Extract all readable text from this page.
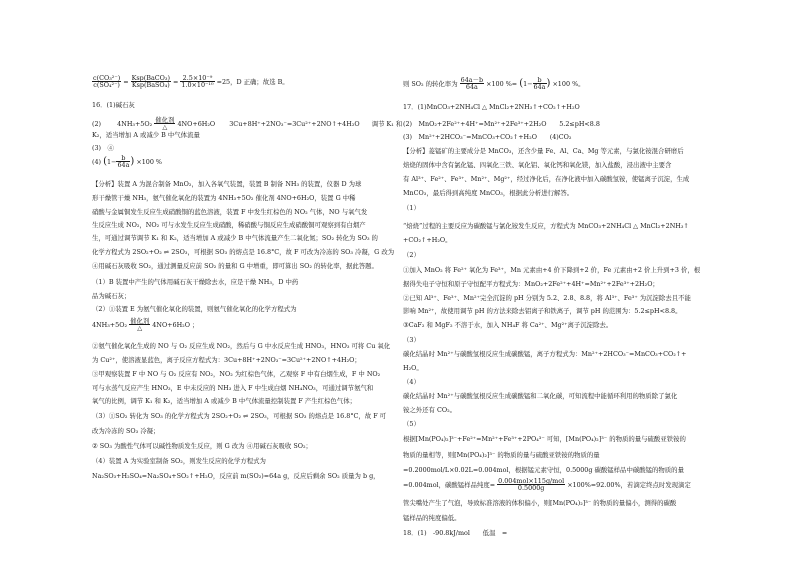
$\frac{\text{c(CO₃²⁻)}}{\text{c(SO₄²⁻)}} = \frac{\text{Ksp(BaCO₃)}}{\text{Ksp(BaSO₄)}} = \frac{\text{2.5×10⁻⁹}}{\text{1.0×10⁻¹⁰}} =25$，D 正确；故选 B。
16．(1)碱石灰
(2)	$4NH_3+5O_2 \frac{\text{催化剂}}{\triangle} 4NO+6H_2O$ 3Cu+8H⁺+2NO₃⁻=3Cu²⁺+2NO↑+4H₂O 调节 K₁ 和
K₂，适当增加 A 或减少 B 中气体流量
(3)　④
(4) ($1- \frac{b}{64a}$ ) ×100 %
【分析】装置 A 为混合制备 MnO₂，加入各氧气装置，装置 B 制备 NH₃ 的装置，仪器 D 为球
形干燥管干燥 NH₃，氨气催化氧化的装置为 4NH₃+5O₂ 催化剂 4NO+6H₂O，装置 G 中稀
硝酸与金属铜发生反应生成硝酸铜的蓝色溶液，装置 F 中发生红棕色的 NO₂ 气体，NO 与氧气发
生反应生成 NO₂，NO₂ 可与水发生反应生成硝酸，稀硝酸与铜反应生成硝酸铜可观察到有白烟产
生，可通过调节调节 K₁ 和 K₂，适当增加 A 或减少 B 中气体流量产生二氧化氮；SO₂ 转化为 SO₃ 的
化学方程式为 2SO₂+O₂ ⇌ 2SO₃，可根据 SO₃ 的熔点是 16.8°C，故 F 可改为冷冻的 SO₃ 冷凝，G 改为
④用碱石灰吸收 SO₂，通过测量反应前 SO₂ 的量和 G 中增重，即可算出 SO₂ 的转化率，据此答题。
（1）B 装置中产生的气体用碱石灰干燥除去水，应是干燥 NH₃，D 中药
品为碱石灰；
（2）①装置 E 为氨气催化氧化的装置，则氨气催化氧化的化学方程式为
$4NH_3+5O_2 \frac{\text{催化剂}}{\triangle} 4NO+6H_2O$ ；
②氨气催化氧化生成的 NO 与 O₂ 反应生成 NO₂，然后与 G 中水反应生成 HNO₃，HNO₃ 可将 Cu 氧化
为 Cu²⁺，使溶液显蓝色，离子反应方程式为：3Cu+8H⁺+2NO₃⁻=3Cu²⁺+2NO↑+4H₂O；
③甲观察装置 F 中 NO 与 O₂ 反应有 NO₂，NO₂ 为红棕色气体，乙观察 F 中有白烟生成，F 中 NO₂
可与水蒸气反应产生 HNO₃，E 中未反应的 NH₃ 进入 F 中生成白烟 NH₄NO₃，可通过调节氨气和
氧气的比例，调节 K₁ 和 K₂，适当增加 A 或减少 B 中气体流量控制装置 F 产生红棕色气体；
（3）①SO₂ 转化为 SO₃ 的化学方程式为 2SO₂+O₂ ⇌ 2SO₃，可根据 SO₃ 的熔点是 16.8°C，故 F 可
改为冷冻的 SO₃ 冷凝；
② SO₃ 为酸性气体可以碱性物质发生反应，则 G 改为 ④用碱石灰吸收 SO₂；
（4）装置 A 为实验室制备 SO₂，则发生反应的化学方程式为
Na₂SO₃+H₂SO₄=Na₂SO₄+SO₂↑+H₂O，反应前 m(SO₂)=64a g，反应后剩余 SO₂ 质量为 b g，
则 SO₂ 的转化率为 $\frac{64a-b}{64a} \times 100$ %= ($1- \frac{b}{64a}$ ) ×100 %。
17．(1)MnCO₃+2NH₄Cl △ MnCl₂+2NH₃↑+CO₂↑+H₂O
(2)　MnO₂+2Fe²⁺+4H⁺=Mn²⁺+2Fe³⁺+2H₂O　　5.2≤pH<8.8
(3)　Mn²⁺+2HCO₃⁻=MnCO₃+CO₂↑+H₂O　　(4)CO₂
【分析】菱锰矿的主要成分是 MnCO₃，还含少量 Fe、Al、Ca、Mg 等元素，与氯化铵混合研磨后
焙烧的固体中含有氯化锰、四氧化三铁、氧化铝、氧化钙和氧化镁，加入盐酸，浸出液中主要含
有 Al³⁺、Fe²⁺、Fe³⁺、Mn²⁺、Mg²⁺，经过净化后，在净化液中加入碳酸氢铵，使锰离子沉淀，生成
MnCO₃，最后得到高纯度 MnCO₃，根据此分析进行解答。
（1）
“焙烧”过程的主要反应为碳酸锰与氯化铵发生反应，方程式为 MnCO₃+2NH₄Cl △ MnCl₂+2NH₃↑
+CO₂↑+H₂O。
（2）
①加入 MnO₂ 将 Fe²⁺ 氧化为 Fe³⁺，Mn 元素由+4 价下降到+2 价，Fe 元素由+2 价上升到+3 价，根
据得失电子守恒和原子守恒配平方程式为：MnO₂+2Fe²⁺+4H⁺=Mn²⁺+2Fe³⁺+2H₂O；
②已知 Al³⁺、Fe³⁺、Mn²⁺完全沉淀的 pH 分别为 5.2、2.8、8.8，将 Al³⁺、Fe³⁺ 为沉淀除去且不能
影响 Mn²⁺，故使用调节 pH 的方法来除去铝离子和铁离子，调节 pH 的范围为：5.2≤pH<8.8。
③CaF₂ 和 MgF₂ 不溶于水，加入 NH₄F 将 Ca²⁺、Mg²⁺离子沉淀除去。
（3）
碳化结晶时 Mn²⁺与碳酸氢根反应生成碳酸锰，离子方程式为：Mn²⁺+2HCO₃⁻=MnCO₃+CO₂↑+
H₂O。
（4）
碳化结晶时 Mn²⁺与碳酸氢根反应生成碳酸锰和二氧化碳，可知流程中能循环利用的物质除了氯化
铵之外还有 CO₂。
（5）
根据[Mn(PO₄)₂]³⁻+Fe²⁺=Mn²⁺+Fe³⁺+2PO₄³⁻ 可知，[Mn(PO₄)₂]³⁻ 的物质的量与硫酸亚铁铵的
物质的量相等，则[Mn(PO₄)₂]³⁻ 的物质的量与硫酸亚铁铵的物质的量
=0.2000mol/L×0.02L=0.004mol，根据锰元素守恒，0.5000g 碳酸锰样品中碳酸锰的物质的量
=0.004mol，碳酸锰样品纯度= $\frac{\text{0.004mol×115g/mol}}{0.5000g} \times 100\%=92.00\%$，若滴定终点时发现滴定
管尖嘴处产生了气泡，导致标准溶液的体积偏小，则[Mn(PO₄)₂]³⁻ 的物质的量偏小，测得的碳酸
锰样品的纯度偏低。
18．(1)　-90.8kJ/mol　　低温　=
